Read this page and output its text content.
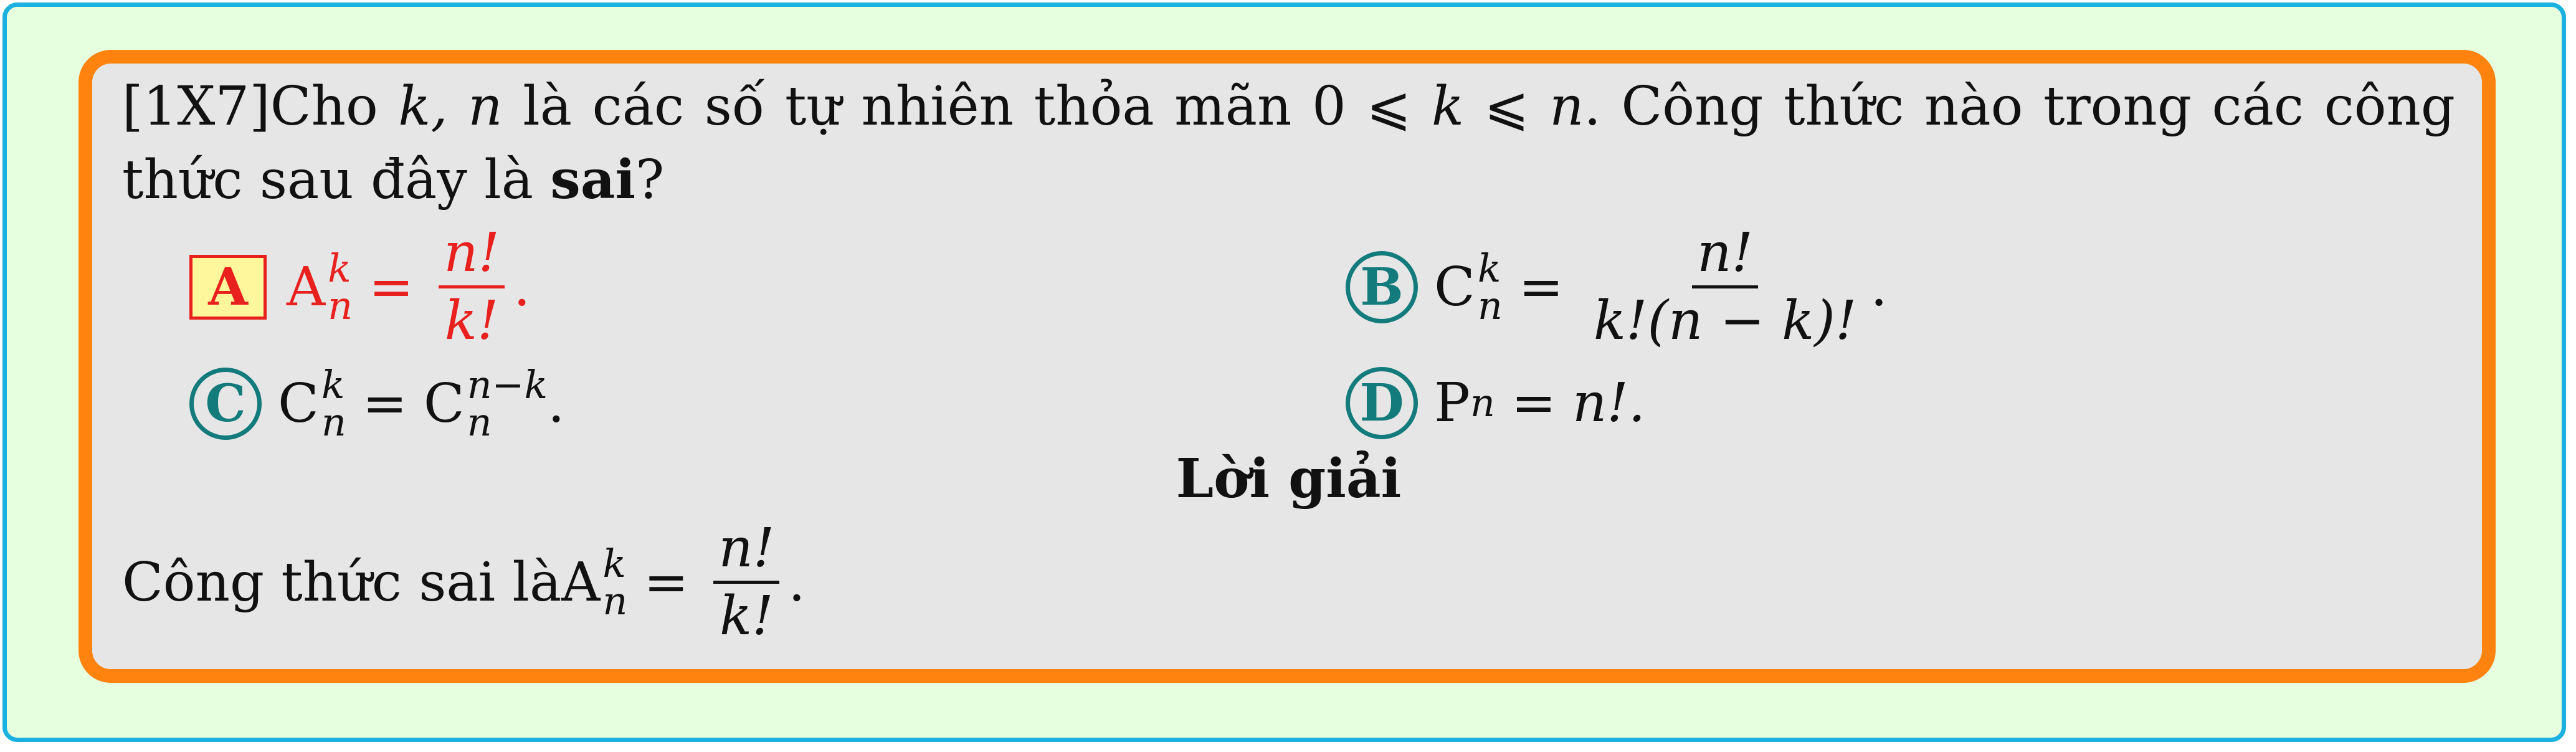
[1X7]Cho k, n là các số tự nhiên thỏa mãn 0 ⩽ k ⩽ n. Công thức nào trong các công
thức sau đây là sai?
A A k
$n = \frac{n!}{k!}$ .	B C k
$n = \frac{n!}{k!(n - k)!}$ .
C C k
n = C n−k
n	.	D P n = n!.
Lời giải
Công thức sai là A k
$n = \frac{n!}{k!}$ .
